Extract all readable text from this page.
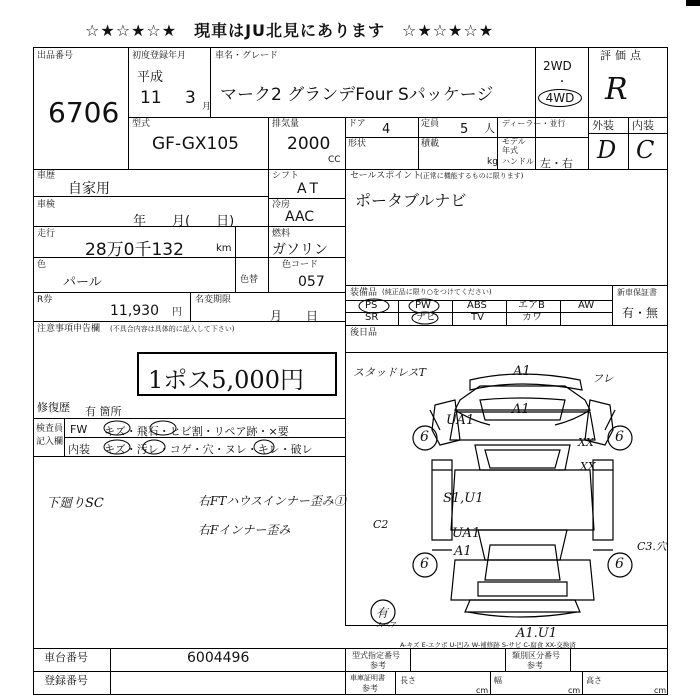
☆★☆★☆★　現車はJU北見にあります　☆★☆★☆★
出品番号
6706
初度登録年月
平成
11 3 月
車名・グレード
マーク2 グランデFour Sパッケージ
2WD
・
4WD
評価点
R
型式
GF-GX105
排気量
2000
CC
ドア 4	定員 5 人 ディーラー・並行
形状	積載
kg
モデル年式
ハンドル 左・右
外装 内装
D C
車歴
自家用
車検
年　　月(　　日)
走行
28万0千132	km
シフト
AT
冷房
AAC
燃料
ガソリン
色
パール	色替
色コード
057
R券
11,930 円
名変期限
月　　日
注意事項申告欄 (不具合内容は具体的に記入して下さい)
1ポス5,000円
修復歴 有 箇所
検査員
記入欄
FW キズ・飛石・ヒビ割・リペア跡・×要
内装 キズ・汚レ・コゲ・穴・ヌレ・キレ・破レ
下廻りSC	右FTハウスインナー歪み①
右Fインナー歪み
セールスポイント
(正常に機能するものに限ります)
ポータブルナビ
装備品 (純正品に限り○をつけてください)	新車保証書
有・無
PS	PW	ABS	エアB	AW
SR	ナビ	TV	カワ
後日品
6	6
6	6
有
スペア
スタッドレスT	A1	フレ
A1
UA1
XX
XX
S1,U1
UA1
A1
C2
C3.穴
A1.U1
A-キズ E-エクボ U-凹み W-補修跡 S-サビ C-腐食 XX-交換済
車台番号	6004496
登録番号
型式指定番号
参考
類別区分番号
参考
車庫証明書
参考
長さ
cm
幅
cm
高さ
cm
